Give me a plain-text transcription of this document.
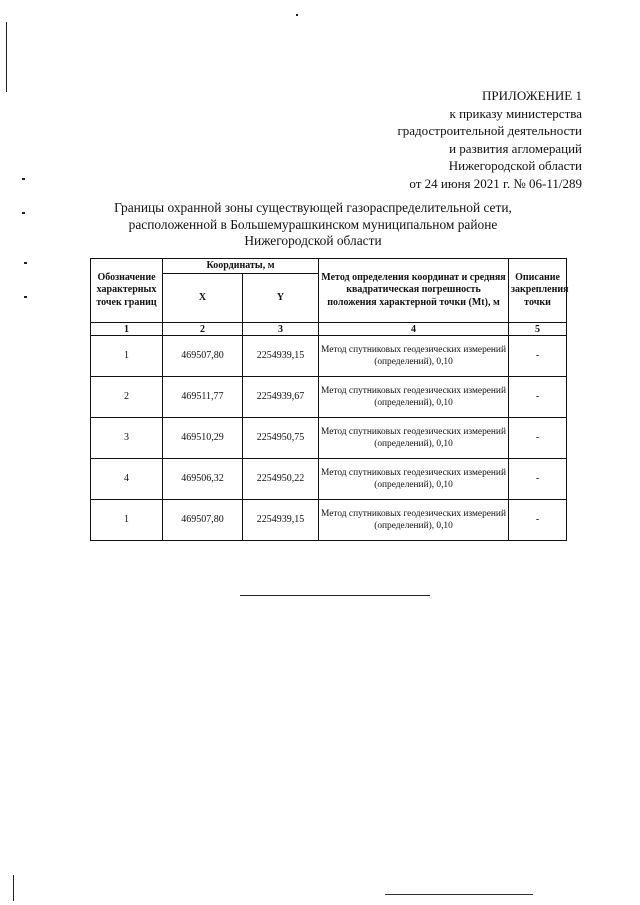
ПРИЛОЖЕНИЕ 1
к приказу министерства
градостроительной деятельности
и развития агломераций
Нижегородской области
от 24 июня 2021 г. № 06-11/289
Границы охранной зоны существующей газораспределительной сети,
расположенной в Большемурашкинском муниципальном районе
Нижегородской области
Обозначение характерных точек границ	Координаты, м		Метод определения координат и средняя квадратическая погрешность положения характерной точки (Mt), м	Описание закрепления точки
	X	Y		
1	2	3	4	5
1	469507,80	2254939,15	Метод спутниковых геодезических измерений (определений), 0,10	-
2	469511,77	2254939,67	Метод спутниковых геодезических измерений (определений), 0,10	-
3	469510,29	2254950,75	Метод спутниковых геодезических измерений (определений), 0,10	-
4	469506,32	2254950,22	Метод спутниковых геодезических измерений (определений), 0,10	-
1	469507,80	2254939,15	Метод спутниковых геодезических измерений (определений), 0,10	-
